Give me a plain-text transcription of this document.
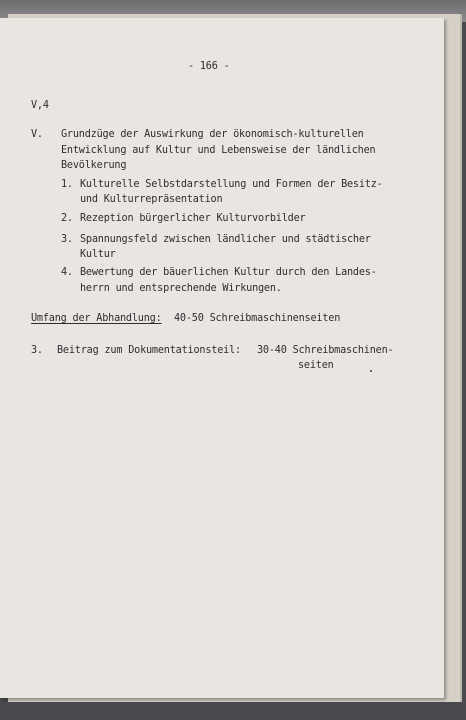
- 166 -
V,4
V. Grundzüge der Auswirkung der ökonomisch-kulturellen
Entwicklung auf Kultur und Lebensweise der ländlichen
Bevölkerung
1. Kulturelle Selbstdarstellung und Formen der Besitz-
und Kulturrepräsentation
2. Rezeption bürgerlicher Kulturvorbilder
3. Spannungsfeld zwischen ländlicher und städtischer
Kultur
4. Bewertung der bäuerlichen Kultur durch den Landes-
herrn und entsprechende Wirkungen.
Umfang der Abhandlung: 40-50 Schreibmaschinenseiten
3. Beitrag zum Dokumentationsteil: 30-40 Schreibmaschinen-
seiten
